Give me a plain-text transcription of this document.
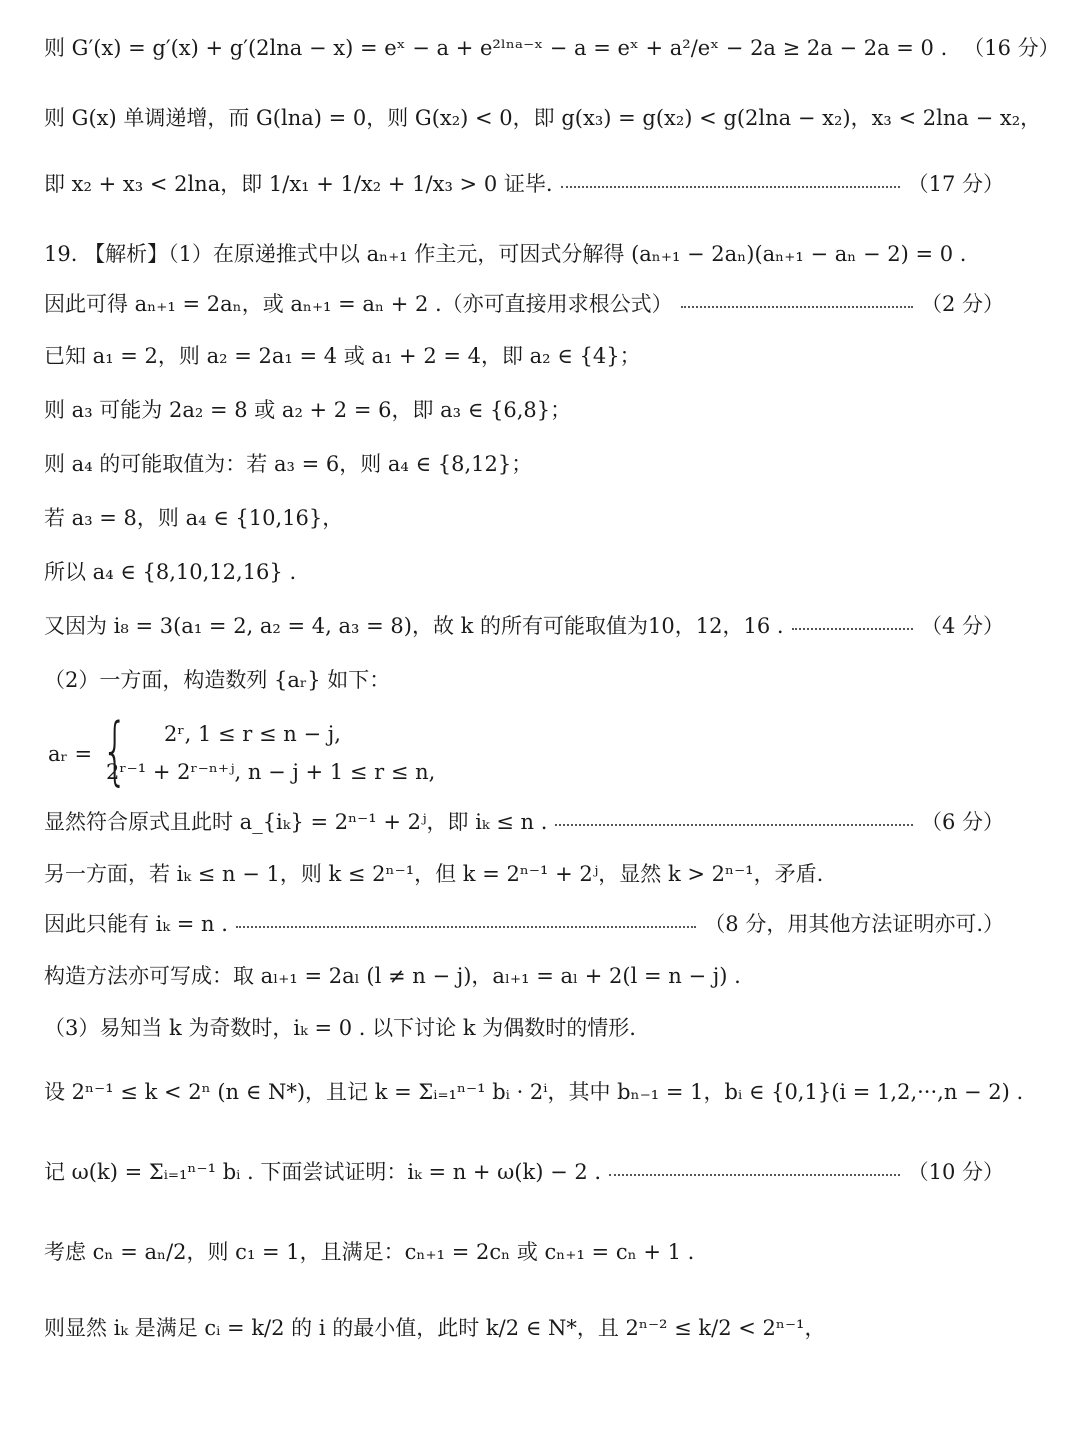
则 G′(x) = g′(x) + g′(2lna − x) = eˣ − a + e²ˡⁿᵃ⁻ˣ − a = eˣ + a²/eˣ − 2a ≥ 2a − 2a = 0 . （16 分）
则 G(x) 单调递增，而 G(lna) = 0，则 G(x₂) < 0，即 g(x₃) = g(x₂) < g(2lna − x₂)，x₃ < 2lna − x₂，
即 x₂ + x₃ < 2lna，即 1/x₁ + 1/x₂ + 1/x₃ > 0 证毕.	（17 分）
19. 【解析】（1）在原递推式中以 aₙ₊₁ 作主元，可因式分解得 (aₙ₊₁ − 2aₙ)(aₙ₊₁ − aₙ − 2) = 0 .
因此可得 aₙ₊₁ = 2aₙ，或 aₙ₊₁ = aₙ + 2 .（亦可直接用求根公式）	（2 分）
已知 a₁ = 2，则 a₂ = 2a₁ = 4 或 a₁ + 2 = 4，即 a₂ ∈ {4}；
则 a₃ 可能为 2a₂ = 8 或 a₂ + 2 = 6，即 a₃ ∈ {6,8}；
则 a₄ 的可能取值为：若 a₃ = 6，则 a₄ ∈ {8,12}；
若 a₃ = 8，则 a₄ ∈ {10,16}，
所以 a₄ ∈ {8,10,12,16} .
又因为 i₈ = 3(a₁ = 2, a₂ = 4, a₃ = 8)，故 k 的所有可能取值为10，12，16 .	（4 分）
（2）一方面，构造数列 {aᵣ} 如下：
aᵣ = { 2ʳ, 1 ≤ r ≤ n − j,
2ʳ⁻¹ + 2ʳ⁻ⁿ⁺ʲ, n − j + 1 ≤ r ≤ n,
显然符合原式且此时 a_{iₖ} = 2ⁿ⁻¹ + 2ʲ，即 iₖ ≤ n .	（6 分）
另一方面，若 iₖ ≤ n − 1，则 k ≤ 2ⁿ⁻¹，但 k = 2ⁿ⁻¹ + 2ʲ，显然 k > 2ⁿ⁻¹，矛盾.
因此只能有 iₖ = n .	（8 分，用其他方法证明亦可.）
构造方法亦可写成：取 aₗ₊₁ = 2aₗ (l ≠ n − j)，aₗ₊₁ = aₗ + 2(l = n − j) .
（3）易知当 k 为奇数时，iₖ = 0 . 以下讨论 k 为偶数时的情形.
设 2ⁿ⁻¹ ≤ k < 2ⁿ (n ∈ N*)，且记 k = Σᵢ₌₁ⁿ⁻¹ bᵢ · 2ⁱ，其中 bₙ₋₁ = 1，bᵢ ∈ {0,1}(i = 1,2,···,n − 2) .
记 ω(k) = Σᵢ₌₁ⁿ⁻¹ bᵢ . 下面尝试证明：iₖ = n + ω(k) − 2 .	（10 分）
考虑 cₙ = aₙ/2，则 c₁ = 1，且满足：cₙ₊₁ = 2cₙ 或 cₙ₊₁ = cₙ + 1 .
则显然 iₖ 是满足 cᵢ = k/2 的 i 的最小值，此时 k/2 ∈ N*，且 2ⁿ⁻² ≤ k/2 < 2ⁿ⁻¹，
